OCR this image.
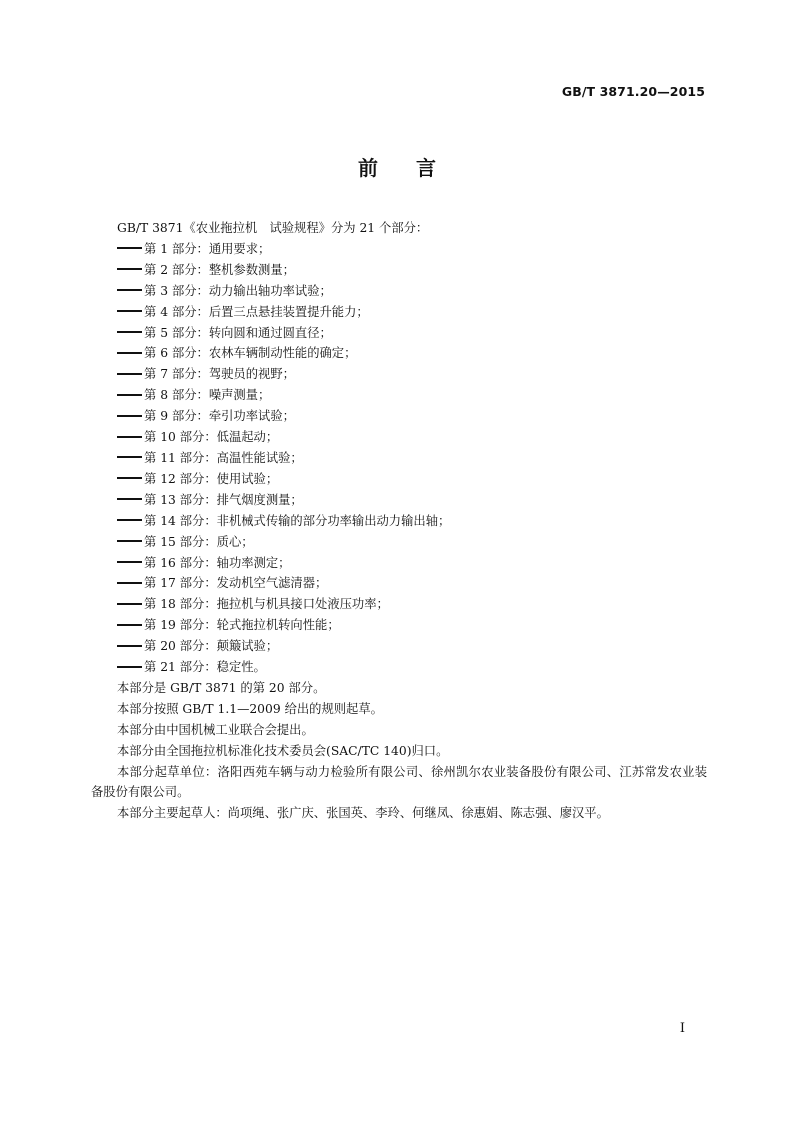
GB/T 3871.20—2015
前言

GB/T 3871《农业拖拉机　试验规程》分为 21 个部分：

第 1 部分：通用要求；

第 2 部分：整机参数测量；

第 3 部分：动力输出轴功率试验；

第 4 部分：后置三点悬挂装置提升能力；

第 5 部分：转向圆和通过圆直径；

第 6 部分：农林车辆制动性能的确定；

第 7 部分：驾驶员的视野；

第 8 部分：噪声测量；

第 9 部分：牵引功率试验；

第 10 部分：低温起动；

第 11 部分：高温性能试验；

第 12 部分：使用试验；

第 13 部分：排气烟度测量；

第 14 部分：非机械式传输的部分功率输出动力输出轴；

第 15 部分：质心；

第 16 部分：轴功率测定；

第 17 部分：发动机空气滤清器；

第 18 部分：拖拉机与机具接口处液压功率；

第 19 部分：轮式拖拉机转向性能；

第 20 部分：颠簸试验；

第 21 部分：稳定性。

本部分是 GB/T 3871 的第 20 部分。

本部分按照 GB/T 1.1—2009 给出的规则起草。

本部分由中国机械工业联合会提出。

本部分由全国拖拉机标准化技术委员会(SAC/TC 140)归口。

本部分起草单位：洛阳西苑车辆与动力检验所有限公司、徐州凯尔农业装备股份有限公司、江苏常发农业装备股份有限公司。

本部分主要起草人：尚项绳、张广庆、张国英、李玲、何继凤、徐惠娟、陈志强、廖汉平。

I
